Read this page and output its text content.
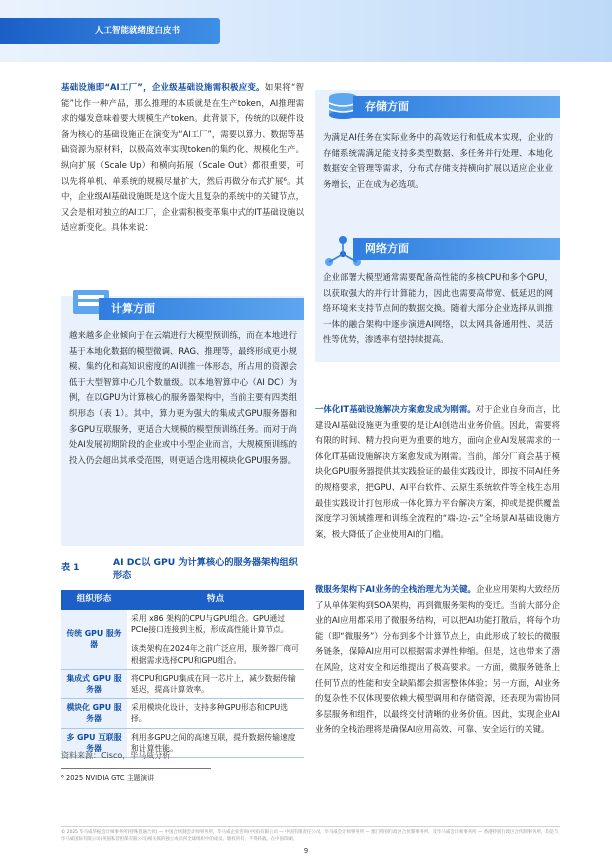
人工智能就绪度白皮书
基础设施即“AI工厂”，企业级基础设施需积极应变。如果将“智能”比作一种产品，那么推理的本质就是在生产token，AI推理需求的爆发意味着要大规模生产token。此背景下，传统的以硬件设备为核心的基础设施正在演变为“AI工厂”，需要以算力、数据等基础资源为原材料，以极高效率实现token的集约化、规模化生产。纵向扩展（Scale Up）和横向拓展（Scale Out）都很重要，可以先将单机、单系统的规模尽量扩大，然后再做分布式扩展⁶。其中，企业级AI基础设施既是这个庞大且复杂的系统中的关键节点，又会是相对独立的AI工厂，企业需积极变革集中式的IT基础设施以适应新变化。具体来说：
计算方面
越来越多企业倾向于在云端进行大模型预训练，而在本地进行基于本地化数据的模型微调、RAG、推理等，最终形成更小规模、集约化和高知识密度的AI训推一体形态，所占用的资源会低于大型智算中心几个数量级。以本地智算中心（AI DC）为例，在以GPU为计算核心的服务器架构中，当前主要有四类组织形态（表 1）。其中，算力更为强大的集成式GPU服务器和多GPU互联服务，更适合大规模的模型预训练任务。而对于尚处AI发展初期阶段的企业或中小型企业而言，大规模预训练的投入仍会超出其承受范围，则更适合选用模块化GPU服务器。
表 1	AI DC以 GPU 为计算核心的服务器架构组织形态
组织形态	特点
传统 GPU 服务器	采用 x86 架构的CPU与GPU组合。GPU通过PCIe接口连接到主板，形成高性能计算节点。
该类架构在2024年之前广泛应用，服务器厂商可根据需求选择CPU和GPU组合。

集成式 GPU 服务器	将CPU和GPU集成在同一芯片上，减少数据传输延迟，提高计算效率。

模块化 GPU 服务器	采用模块化设计，支持多种GPU形态和CPU选择。

多 GPU 互联服务器	利用多GPU之间的高速互联，提升数据传输速度和计算性能。
资料来源：Cisco，毕马威分析
⁶ 2025 NVIDIA GTC 主题演讲
存储方面
为满足AI任务在实际业务中的高效运行和低成本实现，企业的存储系统需满足能支持多类型数据、多任务并行处理、本地化数据安全管理等需求，分布式存储支持横向扩展以适应企业业务增长，正在成为必选项。
网络方面
企业部署大模型通常需要配备高性能的多核CPU和多个GPU，以获取强大的并行计算能力，因此也需要高带宽、低延迟的网络环境来支持节点间的数据交换。随着大部分企业选择从训推一体的融合架构中逐步演进AI网络，以太网具备通用性、灵活性等优势，渗透率有望持续提高。
一体化IT基础设施解决方案愈发成为刚需。对于企业自身而言，比建设AI基础设施更为重要的是让AI创造出业务价值。因此，需要将有限的时间、精力投向更为重要的地方，面向企业AI发展需求的一体化IT基础设施解决方案愈发成为刚需。当前，部分厂商会基于模块化GPU服务器提供其实践验证的最佳实践设计，即按不同AI任务的规格要求，把GPU、AI平台软件、云原生系统软件等全栈生态用最佳实践设计打包形成一体化算力平台解决方案，抑或是提供覆盖深度学习领域推理和训练全流程的“端-边-云”全场景AI基础设施方案，极大降低了企业使用AI的门槛。
微服务架构下AI业务的全栈治理尤为关键。企业应用架构大致经历了从单体架构到SOA架构，再到微服务架构的变迁。当前大部分企业的AI应用都采用了微服务结构，可以把AI功能打散后，将每个功能（即“微服务”）分布到多个计算节点上，由此形成了较长的微服务链条，保障AI应用可以根据需求弹性伸缩。但是，这也带来了潜在风险，这对安全和运维提出了极高要求。一方面，微服务链条上任何节点的性能和安全缺陷都会损害整体体验；另一方面，AI业务的复杂性不仅体现要依赖大模型调用和存储资源，还表现为需协同多层服务和组件，以最终交付清晰的业务价值。因此，实现企业AI业务的全栈治理将是确保AI应用高效、可靠、安全运行的关键。
© 2025 毕马威华振会计师事务所(特殊普通合伙) — 中国合伙制会计师事务所，毕马威企业咨询(中国)有限公司 — 中国有限责任公司，毕马威会计师事务所 — 澳门特别行政区合伙制事务所，及毕马威会计师事务所 — 香港特别行政区合伙制事务所，均是与毕马威国际有限公司(英国私营担保有限公司)相关联的独立成员所全球组织中的成员。版权所有，不得转载。在中国印刷。
9
